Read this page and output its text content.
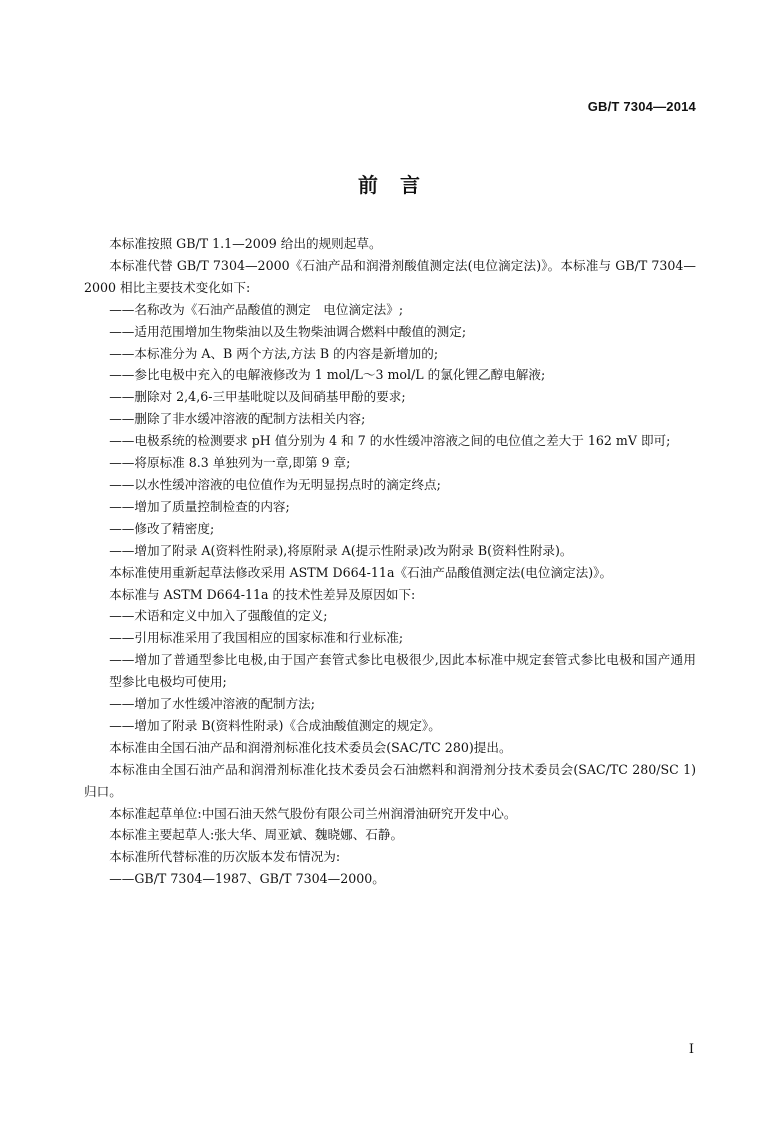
GB/T 7304—2014
前言

本标准按照 GB/T 1.1—2009 给出的规则起草。

本标准代替 GB/T 7304—2000《石油产品和润滑剂酸值测定法(电位滴定法)》。本标准与 GB/T 7304—2000 相比主要技术变化如下:

——名称改为《石油产品酸值的测定　电位滴定法》;

——适用范围增加生物柴油以及生物柴油调合燃料中酸值的测定;

——本标准分为 A、B 两个方法,方法 B 的内容是新增加的;

——参比电极中充入的电解液修改为 1 mol/L～3 mol/L 的氯化锂乙醇电解液;

——删除对 2,4,6-三甲基吡啶以及间硝基甲酚的要求;

——删除了非水缓冲溶液的配制方法相关内容;

——电极系统的检测要求 pH 值分别为 4 和 7 的水性缓冲溶液之间的电位值之差大于 162 mV 即可;

——将原标准 8.3 单独列为一章,即第 9 章;

——以水性缓冲溶液的电位值作为无明显拐点时的滴定终点;

——增加了质量控制检查的内容;

——修改了精密度;

——增加了附录 A(资料性附录),将原附录 A(提示性附录)改为附录 B(资料性附录)。

本标准使用重新起草法修改采用 ASTM D664-11a《石油产品酸值测定法(电位滴定法)》。

本标准与 ASTM D664-11a 的技术性差异及原因如下:

——术语和定义中加入了强酸值的定义;

——引用标准采用了我国相应的国家标准和行业标准;

——增加了普通型参比电极,由于国产套管式参比电极很少,因此本标准中规定套管式参比电极和国产通用型参比电极均可使用;

——增加了水性缓冲溶液的配制方法;

——增加了附录 B(资料性附录)《合成油酸值测定的规定》。

本标准由全国石油产品和润滑剂标准化技术委员会(SAC/TC 280)提出。

本标准由全国石油产品和润滑剂标准化技术委员会石油燃料和润滑剂分技术委员会(SAC/TC 280/SC 1)归口。

本标准起草单位:中国石油天然气股份有限公司兰州润滑油研究开发中心。

本标准主要起草人:张大华、周亚斌、魏晓娜、石静。

本标准所代替标准的历次版本发布情况为:

——GB/T 7304—1987、GB/T 7304—2000。

I
